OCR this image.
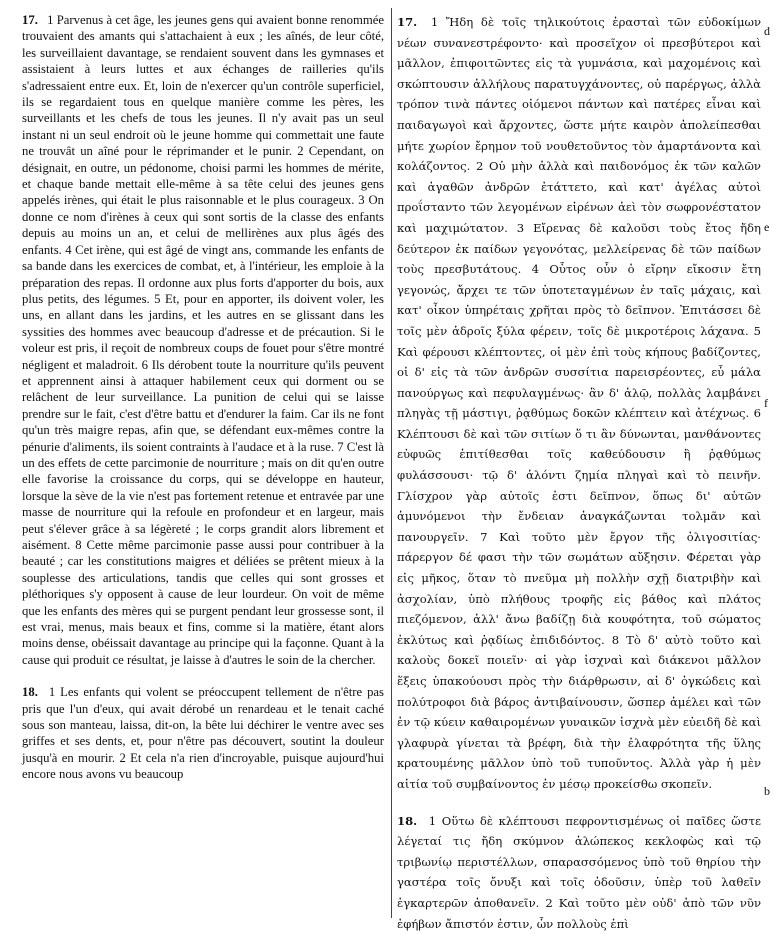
17. 1 Parvenus à cet âge, les jeunes gens qui avaient bonne renommée trouvaient des amants qui s'attachaient à eux ; les aînés, de leur côté, les surveillaient davantage, se rendaient souvent dans les gymnases et assistaient à leurs luttes et aux échanges de railleries qu'ils s'adressaient entre eux. Et, loin de n'exercer qu'un contrôle superficiel, ils se regardaient tous en quelque manière comme les pères, les surveillants et les chefs de tous les jeunes. Il n'y avait pas un seul instant ni un seul endroit où le jeune homme qui commettait une faute ne trouvât un aîné pour le réprimander et le punir. 2 Cependant, on désignait, en outre, un pédonome, choisi parmi les hommes de mérite, et chaque bande mettait elle-même à sa tête celui des jeunes gens appelés irènes, qui était le plus raisonnable et le plus courageux. 3 On donne ce nom d'irènes à ceux qui sont sortis de la classe des enfants depuis au moins un an, et celui de mellirènes aux plus âgés des enfants. 4 Cet irène, qui est âgé de vingt ans, commande les enfants de sa bande dans les exercices de combat, et, à l'intérieur, les emploie à la préparation des repas. Il ordonne aux plus forts d'apporter du bois, aux plus petits, des légumes. 5 Et, pour en apporter, ils doivent voler, les uns, en allant dans les jardins, et les autres en se glissant dans les syssities des hommes avec beaucoup d'adresse et de précaution. Si le voleur est pris, il reçoit de nombreux coups de fouet pour s'être montré négligent et maladroit. 6 Ils dérobent toute la nourriture qu'ils peuvent et apprennent ainsi à attaquer habilement ceux qui dorment ou se relâchent de leur surveillance. La punition de celui qui se laisse prendre sur le fait, c'est d'être battu et d'endurer la faim. Car ils ne font qu'un très maigre repas, afin que, se défendant eux-mêmes contre la pénurie d'aliments, ils soient contraints à l'audace et à la ruse. 7 C'est là un des effets de cette parcimonie de nourriture ; mais on dit qu'en outre elle favorise la croissance du corps, qui se développe en hauteur, lorsque la sève de la vie n'est pas fortement retenue et entravée par une masse de nourriture qui la refoule en profondeur et en largeur, mais peut s'élever grâce à sa légèreté ; le corps grandit alors librement et aisément. 8 Cette même parcimonie passe aussi pour contribuer à la beauté ; car les constitutions maigres et déliées se prêtent mieux à la souplesse des articulations, tandis que celles qui sont grosses et pléthoriques s'y opposent à cause de leur lourdeur. On voit de même que les enfants des mères qui se purgent pendant leur grossesse sont, il est vrai, menus, mais beaux et fins, comme si la matière, étant alors moins dense, obéissait davantage au principe qui la façonne. Quant à la cause qui produit ce résultat, je laisse à d'autres le soin de la chercher.

18. 1 Les enfants qui volent se préoccupent tellement de n'être pas pris que l'un d'eux, qui avait dérobé un renardeau et le tenait caché sous son manteau, laissa, dit-on, la bête lui déchirer le ventre avec ses griffes et ses dents, et, pour n'être pas découvert, soutint la douleur jusqu'à en mourir. 2 Et cela n'a rien d'incroyable, puisque aujourd'hui encore nous avons vu beaucoup

17. 1 Ἤδη δὲ τοῖς τηλικούτοις ἐρασταὶ τῶν εὐδοκίμων νέων συνανεστρέφοντο· καὶ προσεῖχον οἱ πρεσβύτεροι καὶ μᾶλλον, ἐπιφοιτῶντες εἰς τὰ γυμνάσια, καὶ μαχομένοις καὶ σκώπτουσιν ἀλλήλους παρατυγχάνοντες, οὐ παρέργως, ἀλλὰ τρόπον τινὰ πάντες οἰόμενοι πάντων καὶ πατέρες εἶναι καὶ παιδαγωγοὶ καὶ ἄρχοντες, ὥστε μήτε καιρὸν ἀπολείπεσθαι μήτε χωρίον ἔρημον τοῦ νουθετοῦντος τὸν ἁμαρτάνοντα καὶ κολάζοντος. 2 Οὐ μὴν ἀλλὰ καὶ παιδονόμος ἐκ τῶν καλῶν καὶ ἀγαθῶν ἀνδρῶν ἐτάττετο, καὶ κατ' ἀγέλας αὐτοὶ προΐσταντο τῶν λεγομένων εἰρένων ἀεὶ τὸν σωφρονέστατον καὶ μαχιμώτατον. 3 Εἴρενας δὲ καλοῦσι τοὺς ἔτος ἤδη δεύτερον ἐκ παίδων γεγονότας, μελλείρενας δὲ τῶν παίδων τοὺς πρεσβυτάτους. 4 Οὗτος οὖν ὁ εἴρην εἴκοσιν ἔτη γεγονώς, ἄρχει τε τῶν ὑποτεταγμένων ἐν ταῖς μάχαις, καὶ κατ' οἶκον ὑπηρέταις χρῆται πρὸς τὸ δεῖπνον. Ἐπιτάσσει δὲ τοῖς μὲν ἁδροῖς ξύλα φέρειν, τοῖς δὲ μικροτέροις λάχανα. 5 Καὶ φέρουσι κλέπτοντες, οἱ μὲν ἐπὶ τοὺς κήπους βαδίζοντες, οἱ δ' εἰς τὰ τῶν ἀνδρῶν συσσίτια παρεισρέοντες, εὖ μάλα πανούργως καὶ πεφυλαγμένως· ἂν δ' ἁλῷ, πολλὰς λαμβάνει πληγὰς τῇ μάστιγι, ῥᾳθύμως δοκῶν κλέπτειν καὶ ἀτέχνως. 6 Κλέπτουσι δὲ καὶ τῶν σιτίων ὅ τι ἂν δύνωνται, μανθάνοντες εὐφυῶς ἐπιτίθεσθαι τοῖς καθεύδουσιν ἢ ῥᾳθύμως φυλάσσουσι· τῷ δ' ἁλόντι ζημία πληγαὶ καὶ τὸ πεινῆν. Γλίσχρον γὰρ αὐτοῖς ἐστι δεῖπνον, ὅπως δι' αὑτῶν ἀμυνόμενοι τὴν ἔνδειαν ἀναγκάζωνται τολμᾶν καὶ πανουργεῖν. 7 Καὶ τοῦτο μὲν ἔργον τῆς ὀλιγοσιτίας· πάρεργον δέ φασι τὴν τῶν σωμάτων αὔξησιν. Φέρεται γὰρ εἰς μῆκος, ὅταν τὸ πνεῦμα μὴ πολλὴν σχῇ διατριβὴν καὶ ἀσχολίαν, ὑπὸ πλήθους τροφῆς εἰς βάθος καὶ πλάτος πιεζόμενον, ἀλλ' ἄνω βαδίζῃ διὰ κουφότητα, τοῦ σώματος ἐκλύτως καὶ ῥᾳδίως ἐπιδιδόντος. 8 Τὸ δ' αὐτὸ τοῦτο καὶ καλοὺς δοκεῖ ποιεῖν· αἱ γὰρ ἰσχναὶ καὶ διάκενοι μᾶλλον ἕξεις ὑπακούουσι πρὸς τὴν διάρθρωσιν, αἱ δ' ὀγκώδεις καὶ πολύτροφοι διὰ βάρος ἀντιβαίνουσιν, ὥσπερ ἀμέλει καὶ τῶν ἐν τῷ κύειν καθαιρομένων γυναικῶν ἰσχνὰ μὲν εὐειδῆ δὲ καὶ γλαφυρὰ γίνεται τὰ βρέφη, διὰ τὴν ἐλαφρότητα τῆς ὕλης κρατουμένης μᾶλλον ὑπὸ τοῦ τυποῦντος. Ἀλλὰ γὰρ ἡ μὲν αἰτία τοῦ συμβαίνοντος ἐν μέσῳ προκείσθω σκοπεῖν.

18. 1 Οὕτω δὲ κλέπτουσι πεφροντισμένως οἱ παῖδες ὥστε λέγεταί τις ἤδη σκύμνον ἀλώπεκος κεκλοφὼς καὶ τῷ τριβωνίῳ περιστέλλων, σπαρασσόμενος ὑπὸ τοῦ θηρίου τὴν γαστέρα τοῖς ὄνυξι καὶ τοῖς ὀδοῦσιν, ὑπὲρ τοῦ λαθεῖν ἐγκαρτερῶν ἀποθανεῖν. 2 Καὶ τοῦτο μὲν οὐδ' ἀπὸ τῶν νῦν ἐφήβων ἄπιστόν ἐστιν, ὧν πολλοὺς ἐπὶ

d
e
f
b
